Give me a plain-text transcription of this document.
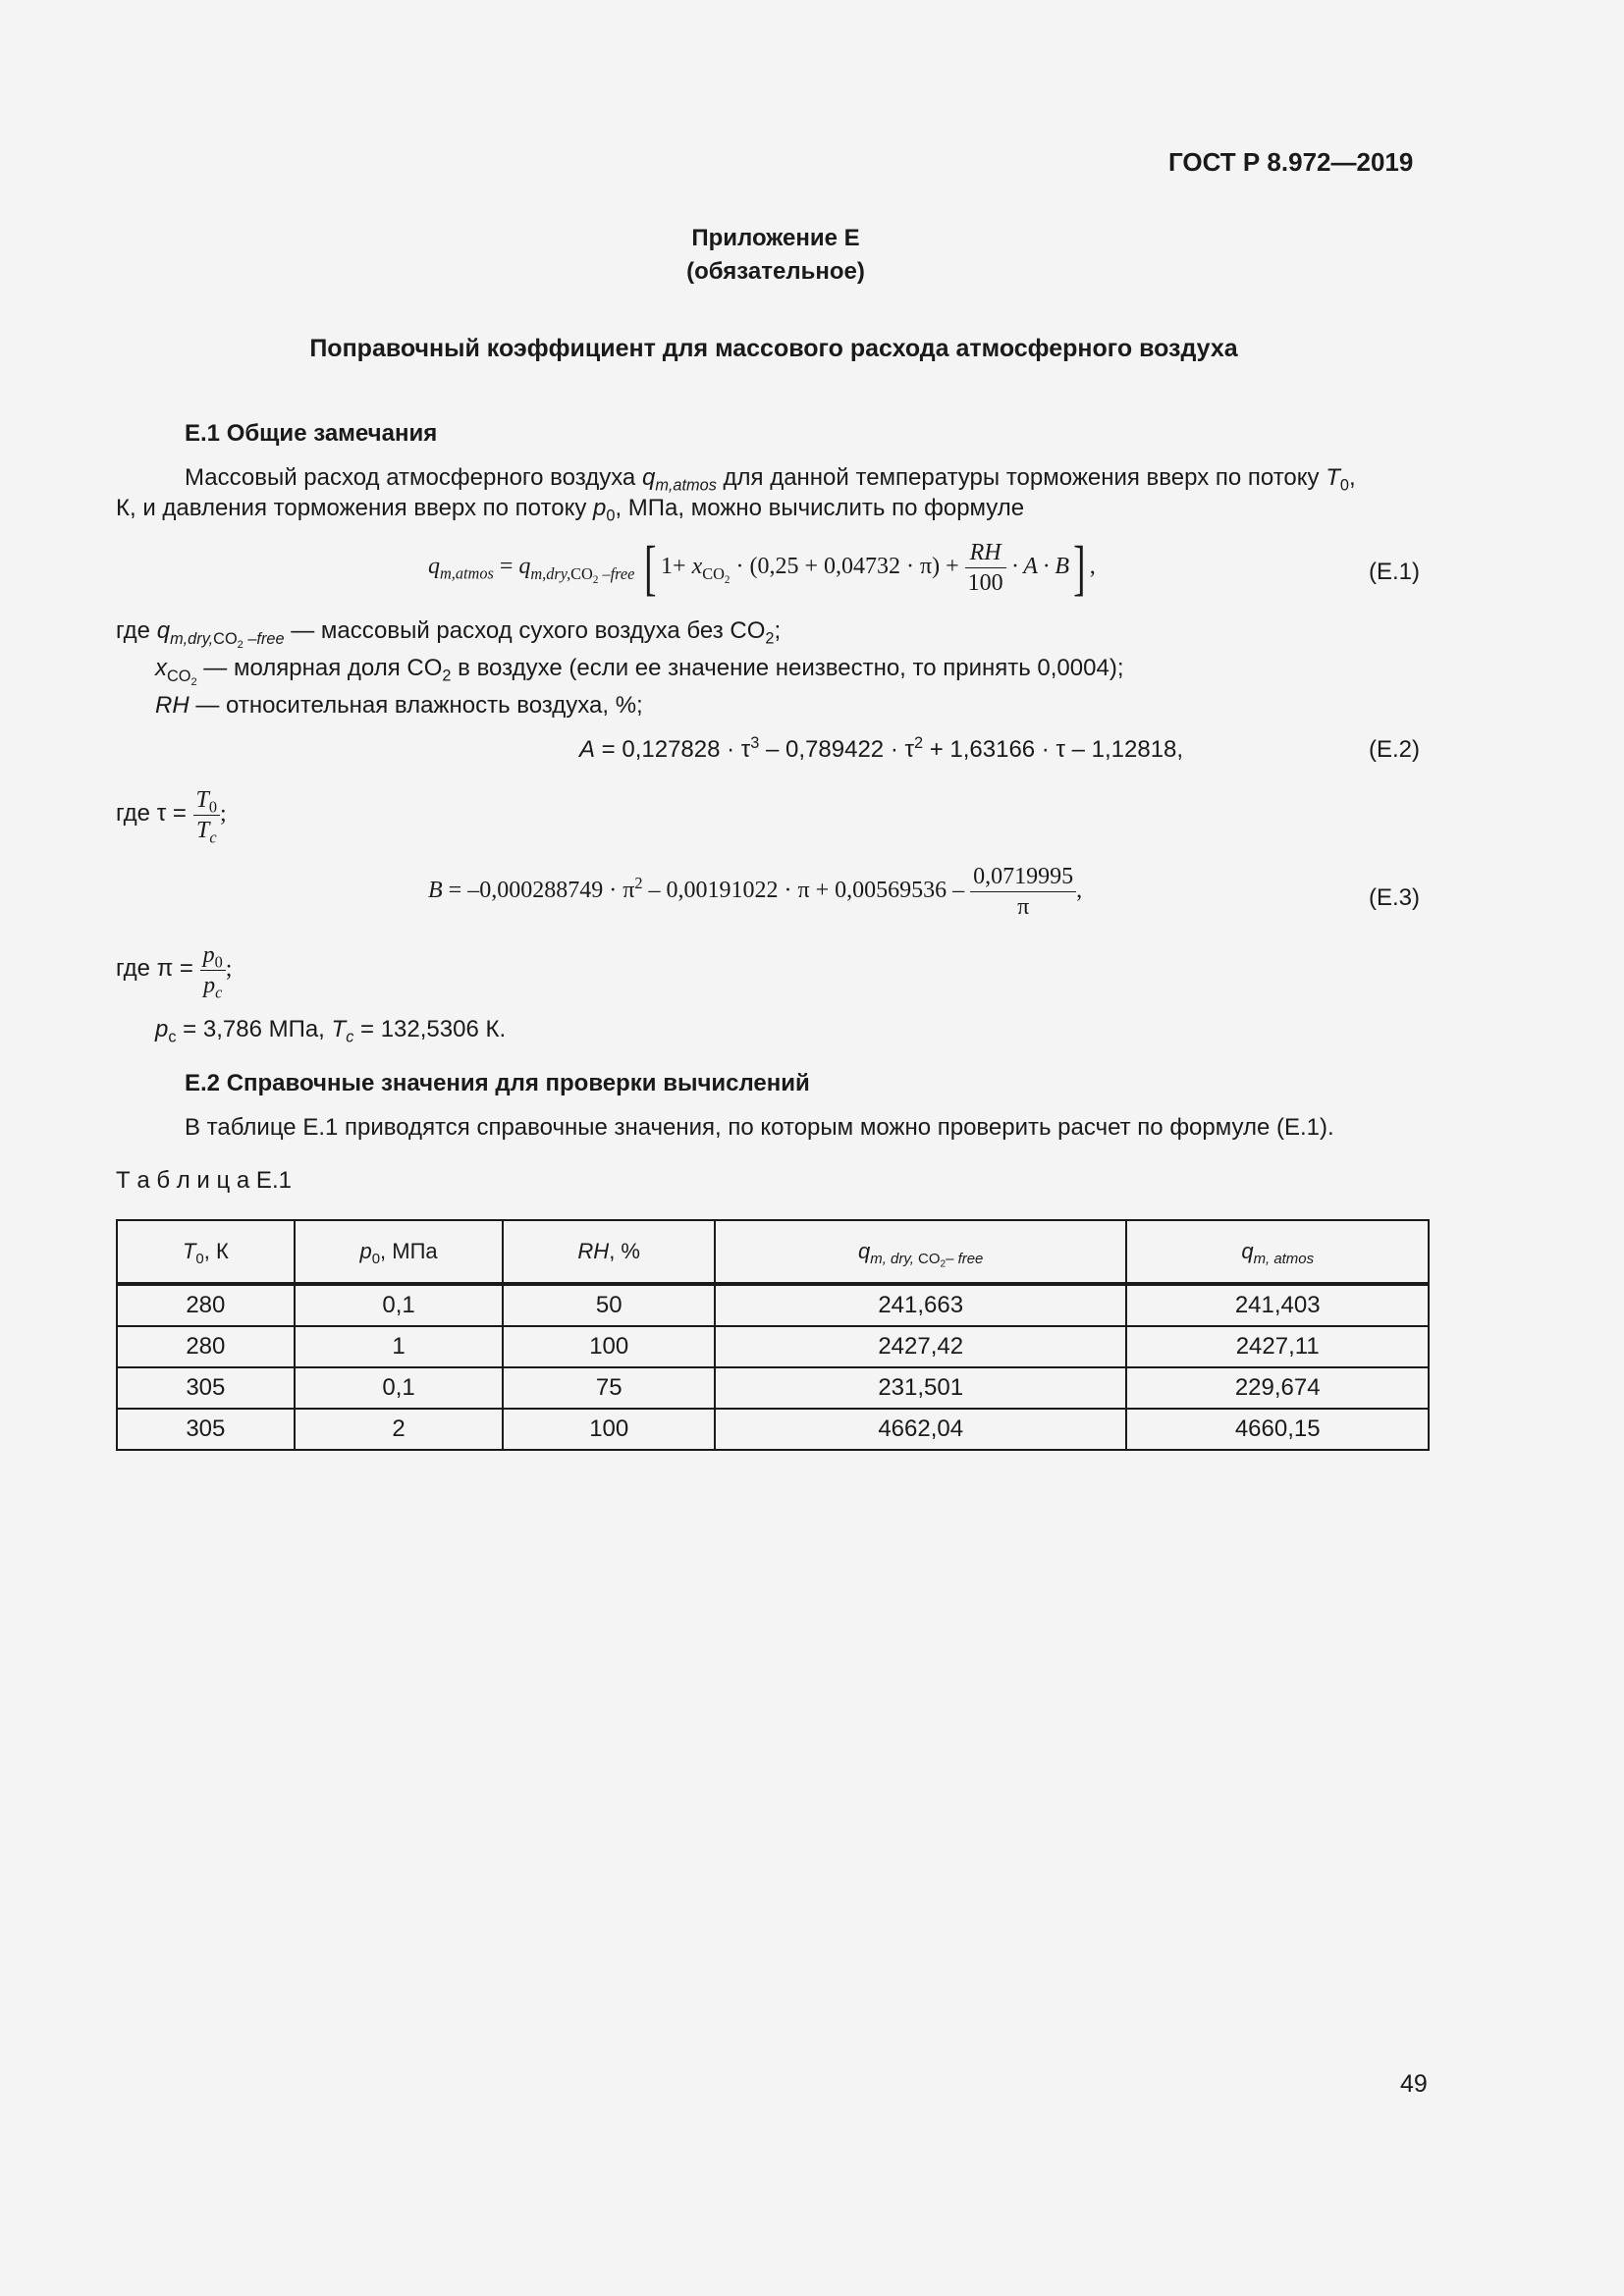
ГОСТ Р 8.972—2019
Приложение Е
(обязательное)
Поправочный коэффициент для массового расхода атмосферного воздуха
Е.1 Общие замечания
Массовый расход атмосферного воздуха $q_{m,atmos}$ для данной температуры торможения вверх по потоку $T_0$,
К, и давления торможения вверх по потоку $p_0$, МПа, можно вычислить по формуле
$q_{m,atmos} = q_{m,dry,CO_2 -free}$ [ $1+ x_{CO_2} \cdot (0,25 + 0,04732 \cdot \pi) + \frac{RH}{100} \cdot A \cdot B$] ,	(Е.1)
где $q_{m,dry,CO_2 -free}$ — массовый расход сухого воздуха без $CO_2$;
$x_{CO_2}$ — молярная доля $CO_2$ в воздухе (если ее значение неизвестно, то принять 0,0004);
RH — относительная влажность воздуха, %;
$A = 0,127828 \cdot \tau^3 - 0,789422 \cdot \tau^2 + 1,63166 \cdot \tau - 1,12818$,	(Е.2)
где $\tau = \frac{T_0}{T_c}$ ;
$B = -0,000288749 \cdot \pi^2 - 0,00191022 \cdot \pi + 0,00569536 - \frac{0,0719995}{\pi}$ ,	(Е.3)
где $\pi = \frac{p_0}{p_c}$ ;
$p_c = 3,786$ МПа, $T_c = 132,5306$ К.
Е.2 Справочные значения для проверки вычислений
В таблице Е.1 приводятся справочные значения, по которым можно проверить расчет по формуле (Е.1).
Т а б л и ц а Е.1
$T_0$, К	$p_0$, МПа	RH, %	$q_{m, dry, CO_2- free}$	$q_{m, atmos}$
280	0,1	50	241,663	241,403
280	1	100	2427,42	2427,11
305	0,1	75	231,501	229,674
305	2	100	4662,04	4660,15
49
